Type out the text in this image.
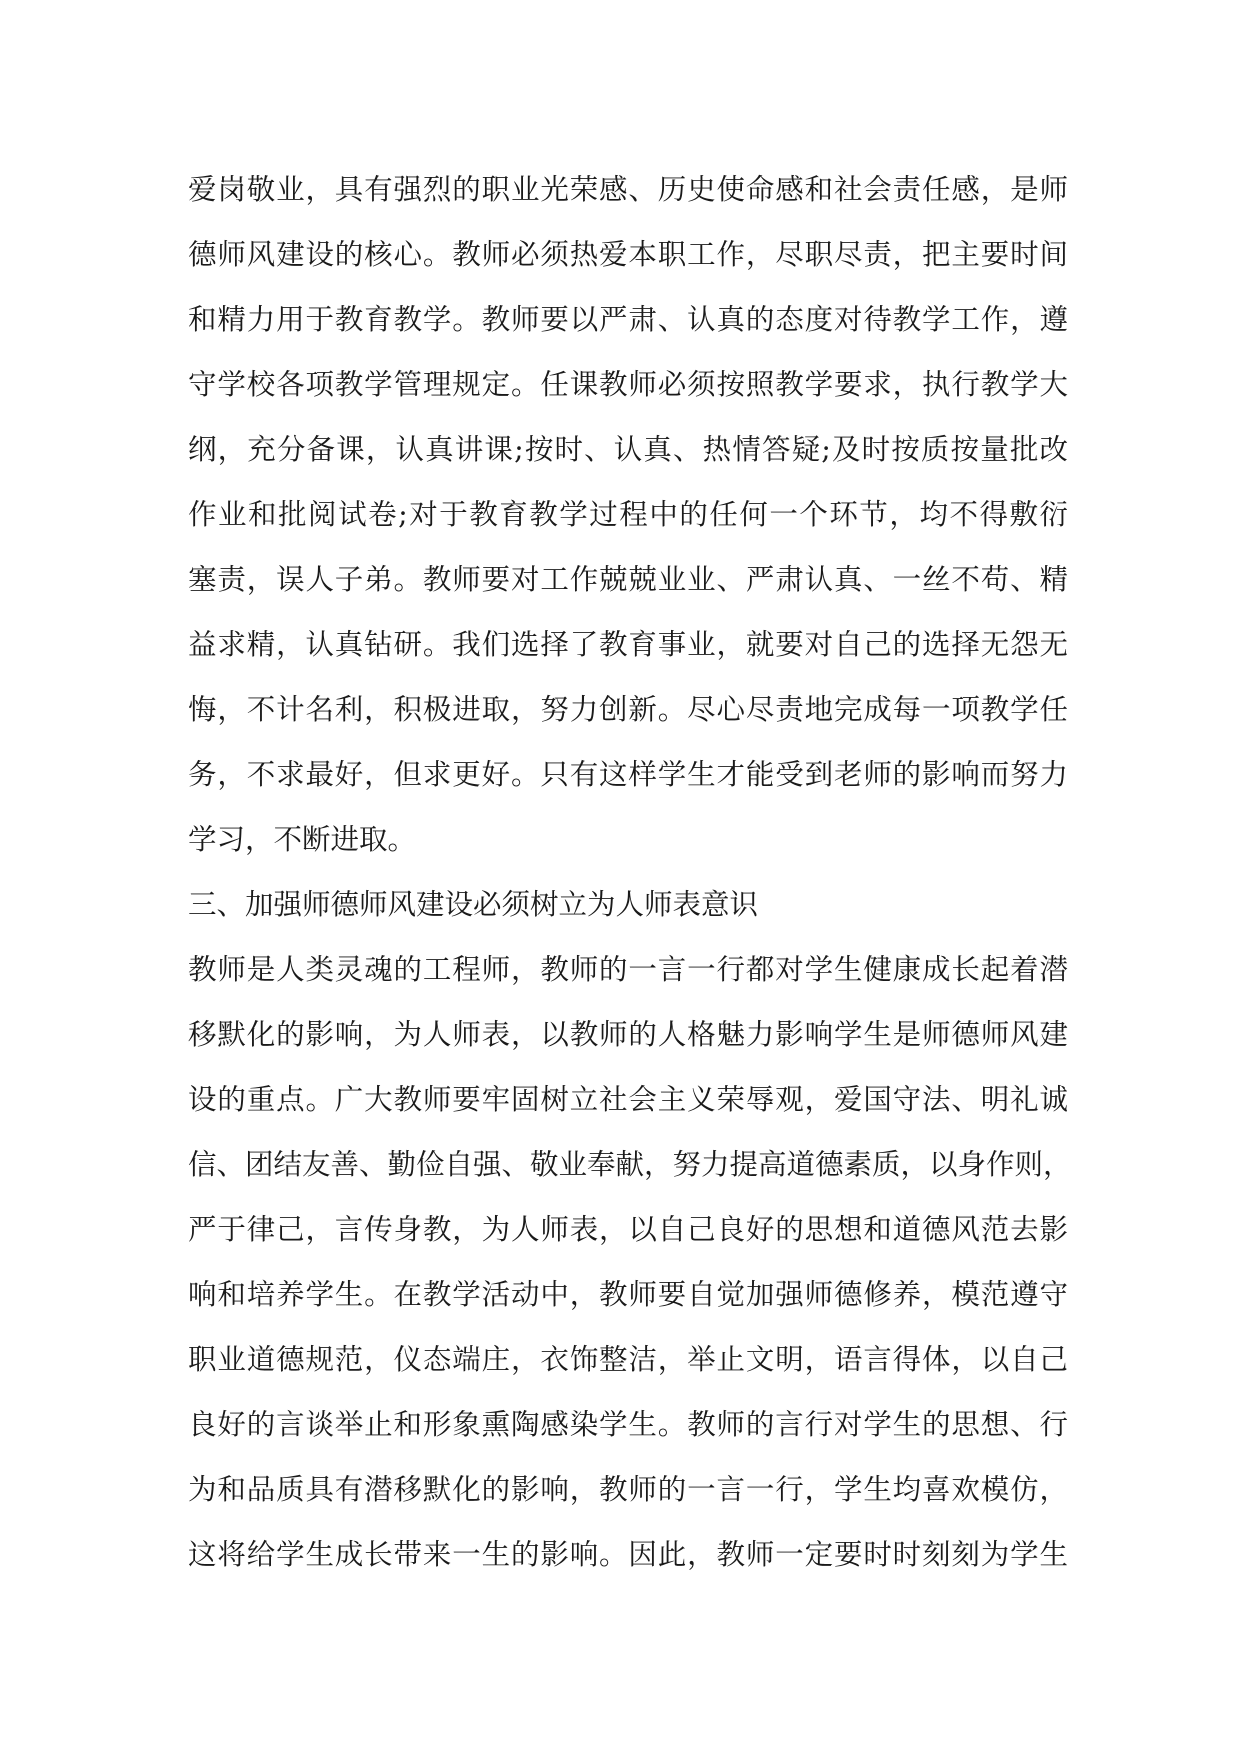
爱岗敬业，具有强烈的职业光荣感、历史使命感和社会责任感，是师
德师风建设的核心。教师必须热爱本职工作，尽职尽责，把主要时间
和精力用于教育教学。教师要以严肃、认真的态度对待教学工作，遵
守学校各项教学管理规定。任课教师必须按照教学要求，执行教学大
纲，充分备课，认真讲课;按时、认真、热情答疑;及时按质按量批改
作业和批阅试卷;对于教育教学过程中的任何一个环节，均不得敷衍
塞责，误人子弟。教师要对工作兢兢业业、严肃认真、一丝不苟、精
益求精，认真钻研。我们选择了教育事业，就要对自己的选择无怨无
悔，不计名利，积极进取，努力创新。尽心尽责地完成每一项教学任
务，不求最好，但求更好。只有这样学生才能受到老师的影响而努力
学习，不断进取。
三、加强师德师风建设必须树立为人师表意识
教师是人类灵魂的工程师，教师的一言一行都对学生健康成长起着潜
移默化的影响，为人师表，以教师的人格魅力影响学生是师德师风建
设的重点。广大教师要牢固树立社会主义荣辱观，爱国守法、明礼诚
信、团结友善、勤俭自强、敬业奉献，努力提高道德素质，以身作则，
严于律己，言传身教，为人师表，以自己良好的思想和道德风范去影
响和培养学生。在教学活动中，教师要自觉加强师德修养，模范遵守
职业道德规范，仪态端庄，衣饰整洁，举止文明，语言得体，以自己
良好的言谈举止和形象熏陶感染学生。教师的言行对学生的思想、行
为和品质具有潜移默化的影响，教师的一言一行，学生均喜欢模仿，
这将给学生成长带来一生的影响。因此，教师一定要时时刻刻为学生
